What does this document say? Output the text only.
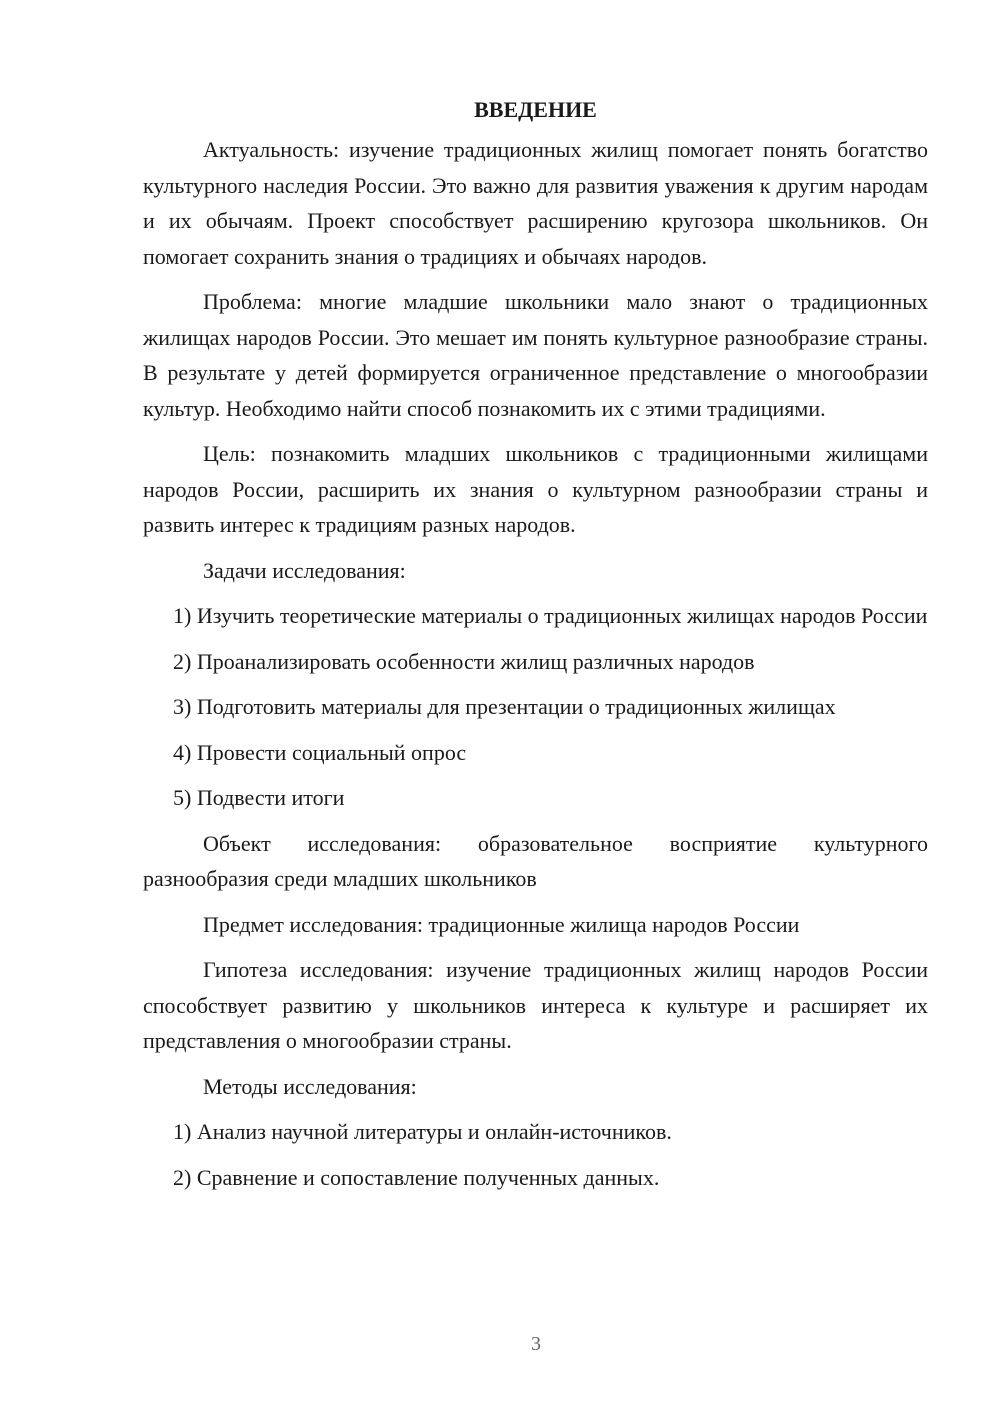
ВВЕДЕНИЕ

Актуальность: изучение традиционных жилищ помогает понять богатство культурного наследия России. Это важно для развития уважения к другим народам и их обычаям. Проект способствует расширению кругозора школьников. Он помогает сохранить знания о традициях и обычаях народов.

Проблема: многие младшие школьники мало знают о традиционных жилищах народов России. Это мешает им понять культурное разнообразие страны. В результате у детей формируется ограниченное представление о многообразии культур. Необходимо найти способ познакомить их с этими традициями.

Цель: познакомить младших школьников с традиционными жилищами народов России, расширить их знания о культурном разнообразии страны и развить интерес к традициям разных народов.

Задачи исследования:

1) Изучить теоретические материалы о традиционных жилищах народов России

2) Проанализировать особенности жилищ различных народов

3) Подготовить материалы для презентации о традиционных жилищах

4) Провести социальный опрос

5) Подвести итоги

Объект исследования: образовательное восприятие культурного разнообразия среди младших школьников

Предмет исследования: традиционные жилища народов России

Гипотеза исследования: изучение традиционных жилищ народов России способствует развитию у школьников интереса к культуре и расширяет их представления о многообразии страны.

Методы исследования:

1) Анализ научной литературы и онлайн-источников.

2) Сравнение и сопоставление полученных данных.

3
